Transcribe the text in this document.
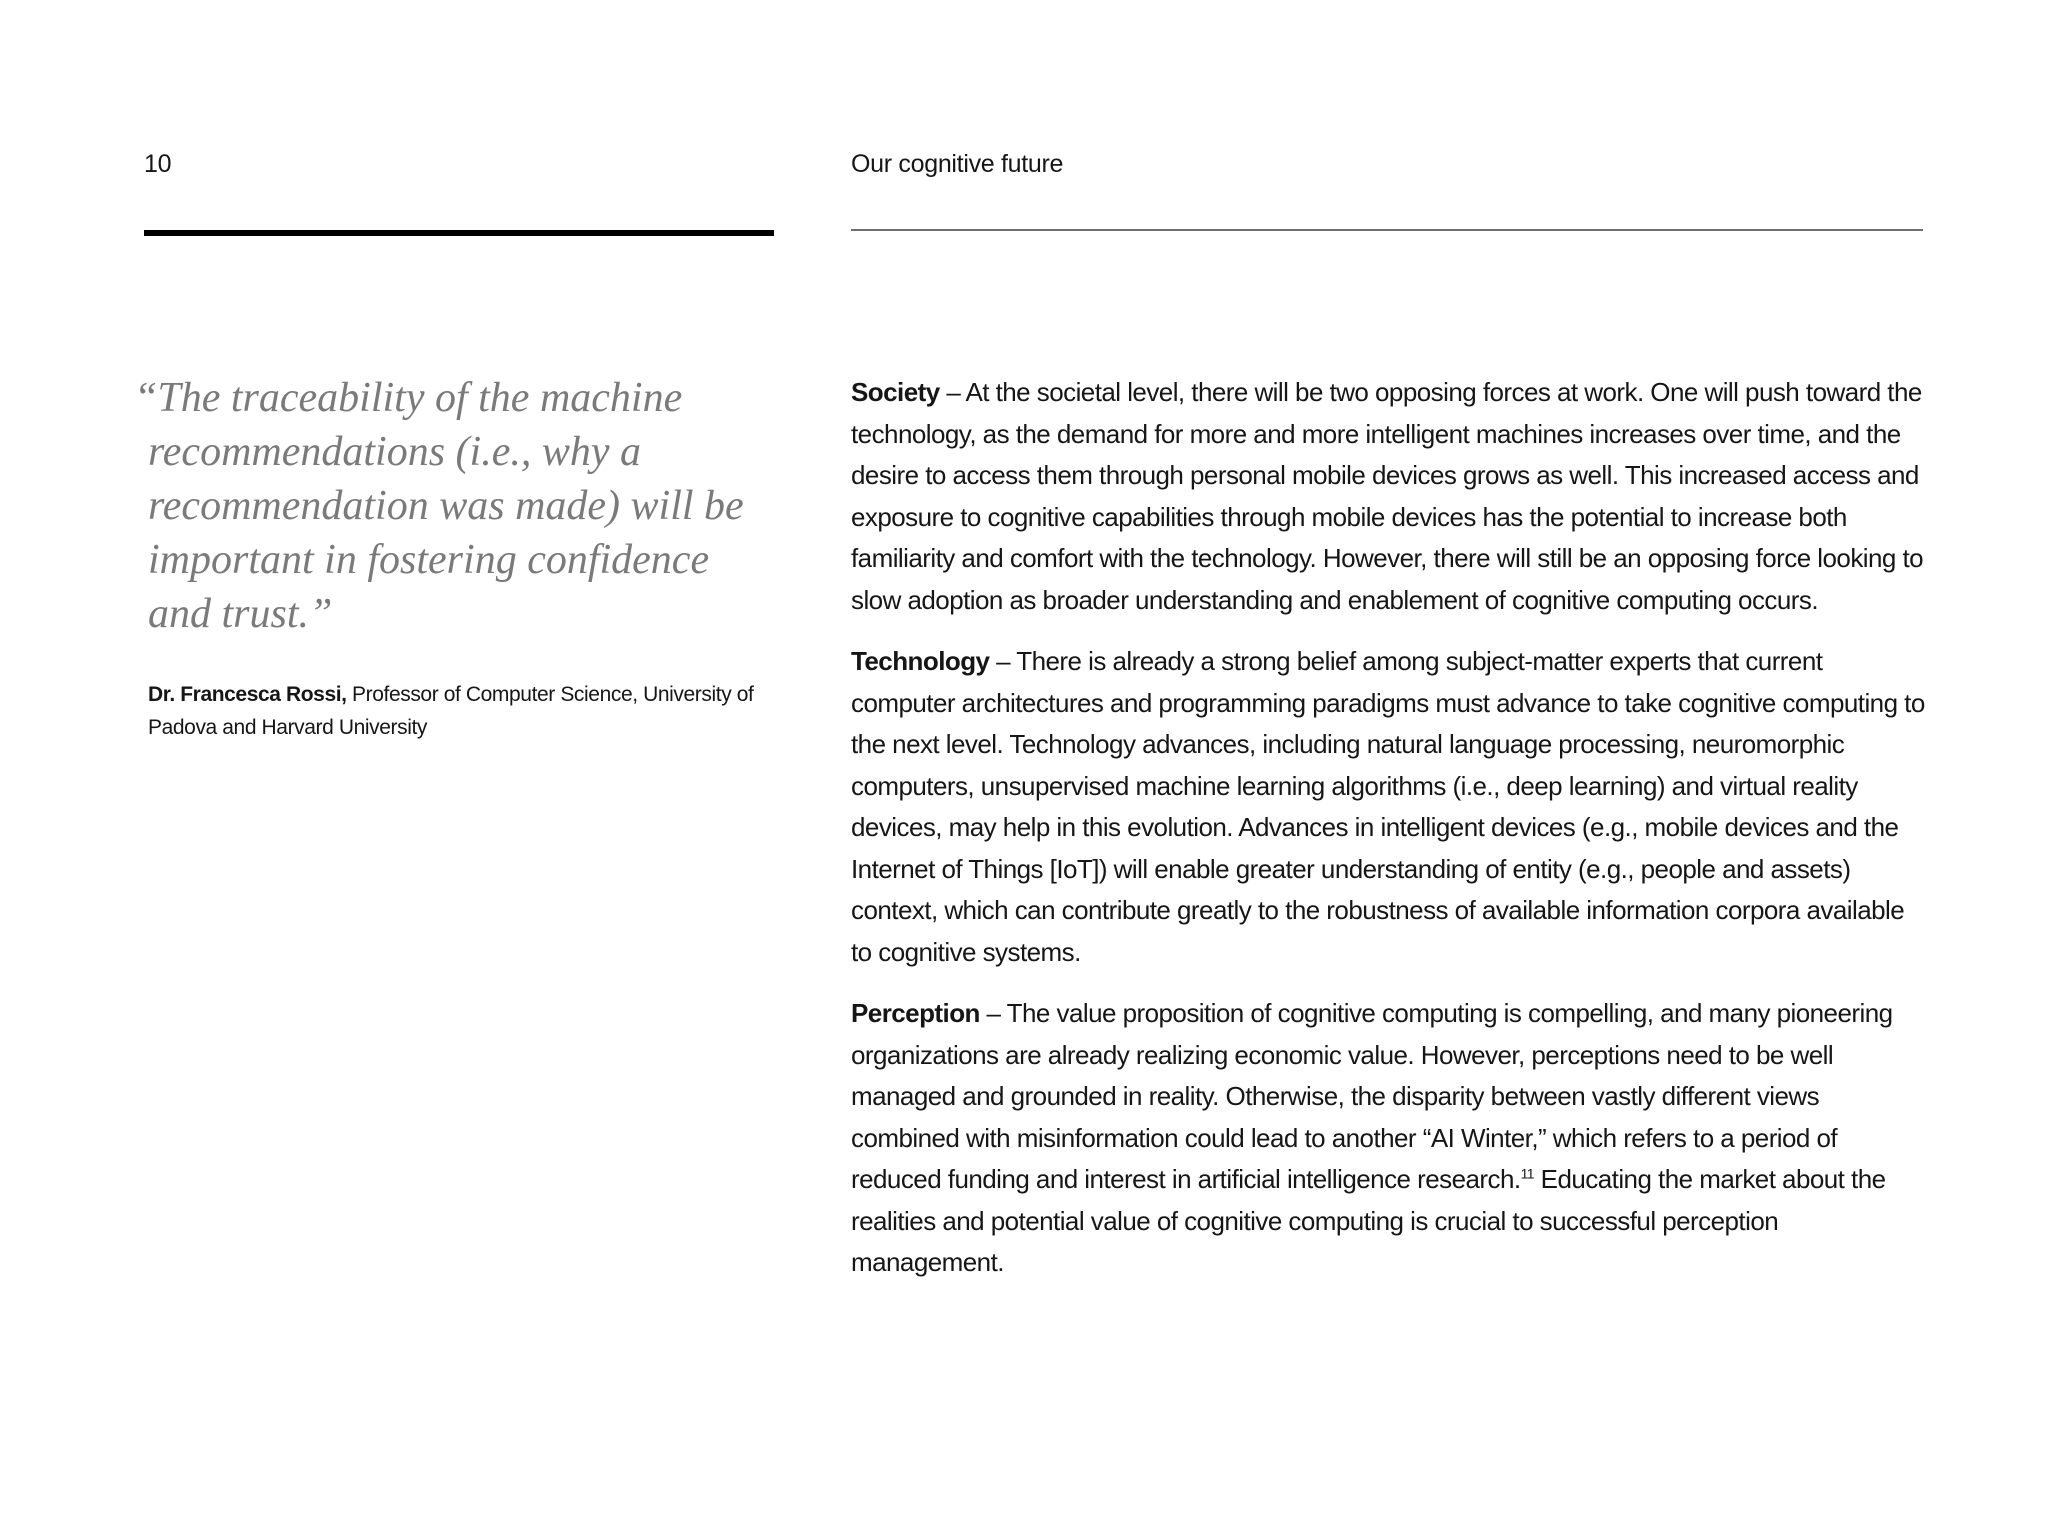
10	Our cognitive future
“The traceability of the machine recommendations (i.e., why a recommendation was made) will be important in fostering confidence and trust.”
Dr. Francesca Rossi, Professor of Computer Science, University of Padova and Harvard University

Society – At the societal level, there will be two opposing forces at work. One will push toward the technology, as the demand for more and more intelligent machines increases over time, and the desire to access them through personal mobile devices grows as well. This increased access and exposure to cognitive capabilities through mobile devices has the potential to increase both familiarity and comfort with the technology. However, there will still be an opposing force looking to slow adoption as broader understanding and enablement of cognitive computing occurs.

Technology – There is already a strong belief among subject-matter experts that current computer architectures and programming paradigms must advance to take cognitive computing to the next level. Technology advances, including natural language processing, neuromorphic computers, unsupervised machine learning algorithms (i.e., deep learning) and virtual reality devices, may help in this evolution. Advances in intelligent devices (e.g., mobile devices and the Internet of Things [IoT]) will enable greater understanding of entity (e.g., people and assets) context, which can contribute greatly to the robustness of available information corpora available to cognitive systems.

Perception – The value proposition of cognitive computing is compelling, and many pioneering organizations are already realizing economic value. However, perceptions need to be well managed and grounded in reality. Otherwise, the disparity between vastly different views combined with misinformation could lead to another “AI Winter,” which refers to a period of reduced funding and interest in artificial intelligence research.$^{11}$ Educating the market about the realities and potential value of cognitive computing is crucial to successful perception management.
